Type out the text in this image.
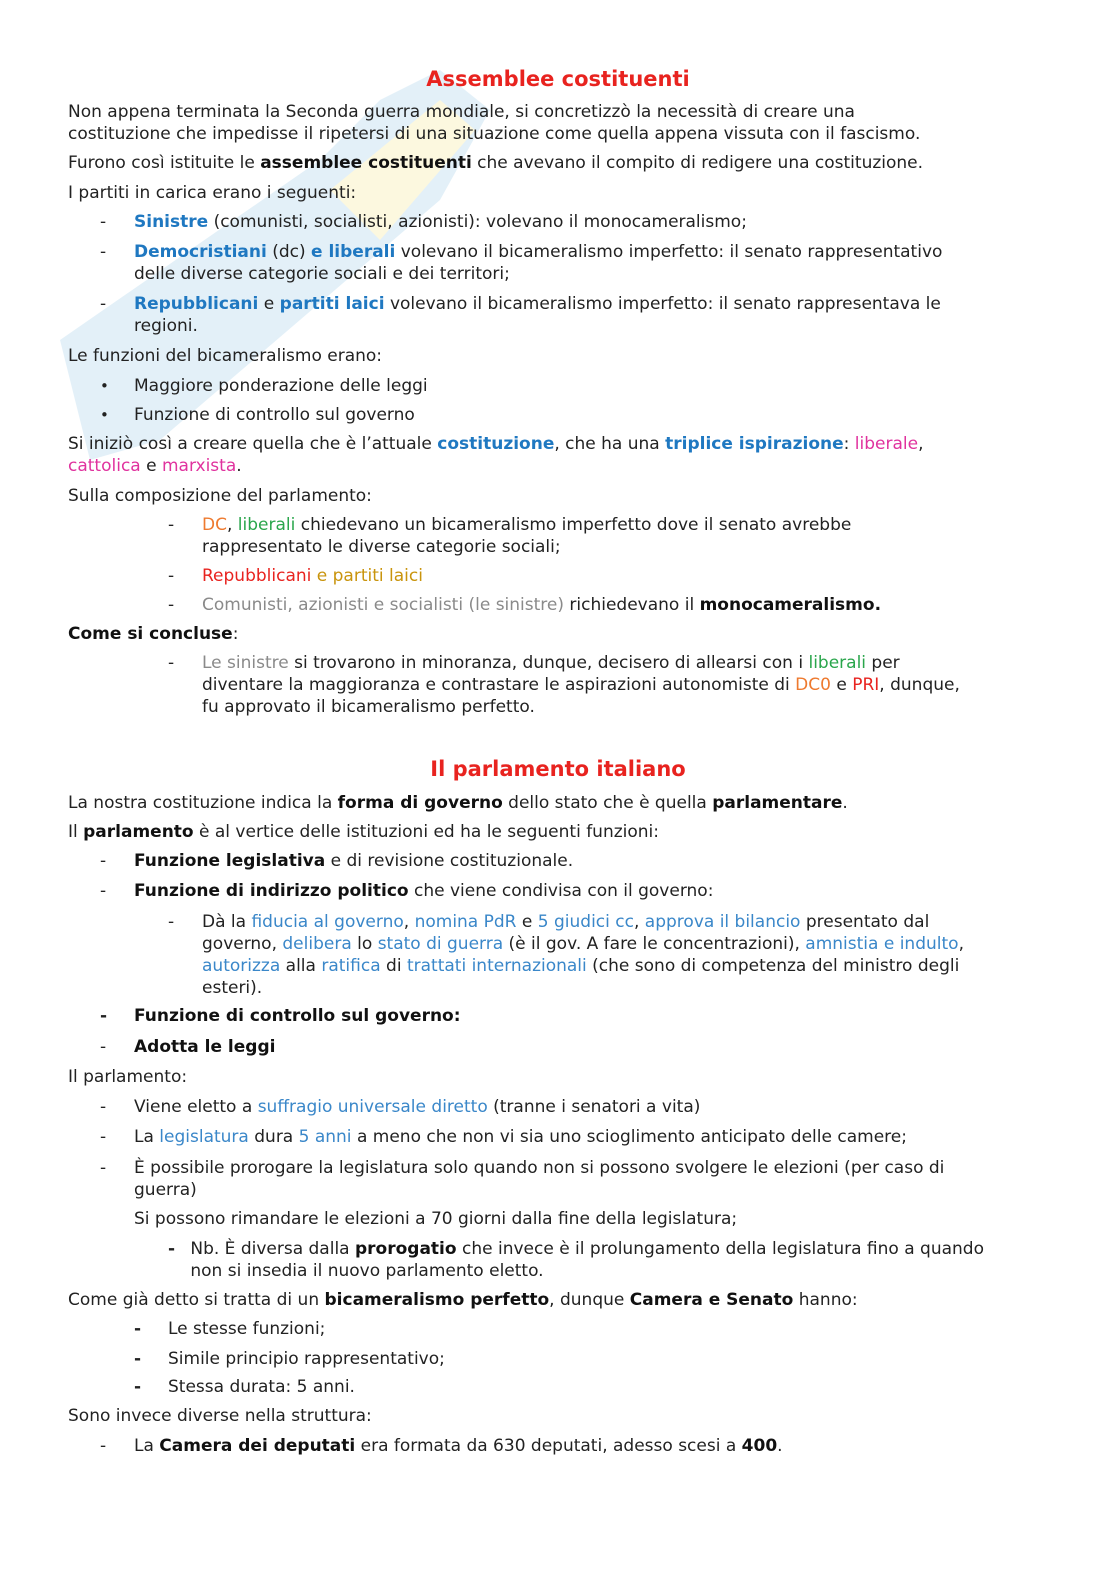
Assemblee costituenti
Non appena terminata la Seconda guerra mondiale, si concretizzò la necessità di creare una
costituzione che impedisse il ripetersi di una situazione come quella appena vissuta con il fascismo.
Furono così istituite le assemblee costituenti che avevano il compito di redigere una costituzione.
I partiti in carica erano i seguenti:
- Sinistre (comunisti, socialisti, azionisti): volevano il monocameralismo;
- Democristiani (dc) e liberali volevano il bicameralismo imperfetto: il senato rappresentativo
delle diverse categorie sociali e dei territori;
- Repubblicani e partiti laici volevano il bicameralismo imperfetto: il senato rappresentava le
regioni.
Le funzioni del bicameralismo erano:
• Maggiore ponderazione delle leggi
• Funzione di controllo sul governo
Si iniziò così a creare quella che è l’attuale costituzione, che ha una triplice ispirazione: liberale,
cattolica e marxista.
Sulla composizione del parlamento:
- DC, liberali chiedevano un bicameralismo imperfetto dove il senato avrebbe
rappresentato le diverse categorie sociali;
- Repubblicani e partiti laici
- Comunisti, azionisti e socialisti (le sinistre) richiedevano il monocameralismo.
Come si concluse:
- Le sinistre si trovarono in minoranza, dunque, decisero di allearsi con i liberali per
diventare la maggioranza e contrastare le aspirazioni autonomiste di DC0 e PRI, dunque,
fu approvato il bicameralismo perfetto.
Il parlamento italiano
La nostra costituzione indica la forma di governo dello stato che è quella parlamentare.
Il parlamento è al vertice delle istituzioni ed ha le seguenti funzioni:
- Funzione legislativa e di revisione costituzionale.
- Funzione di indirizzo politico che viene condivisa con il governo:
- Dà la fiducia al governo, nomina PdR e 5 giudici cc, approva il bilancio presentato dal
governo, delibera lo stato di guerra (è il gov. A fare le concentrazioni), amnistia e indulto,
autorizza alla ratifica di trattati internazionali (che sono di competenza del ministro degli
esteri).
- Funzione di controllo sul governo:
- Adotta le leggi
Il parlamento:
- Viene eletto a suffragio universale diretto (tranne i senatori a vita)
- La legislatura dura 5 anni a meno che non vi sia uno scioglimento anticipato delle camere;
- È possibile prorogare la legislatura solo quando non si possono svolgere le elezioni (per caso di
guerra)
Si possono rimandare le elezioni a 70 giorni dalla fine della legislatura;
- Nb. È diversa dalla prorogatio che invece è il prolungamento della legislatura fino a quando
non si insedia il nuovo parlamento eletto.
Come già detto si tratta di un bicameralismo perfetto, dunque Camera e Senato hanno:
- Le stesse funzioni;
- Simile principio rappresentativo;
- Stessa durata: 5 anni.
Sono invece diverse nella struttura:
- La Camera dei deputati era formata da 630 deputati, adesso scesi a 400.
